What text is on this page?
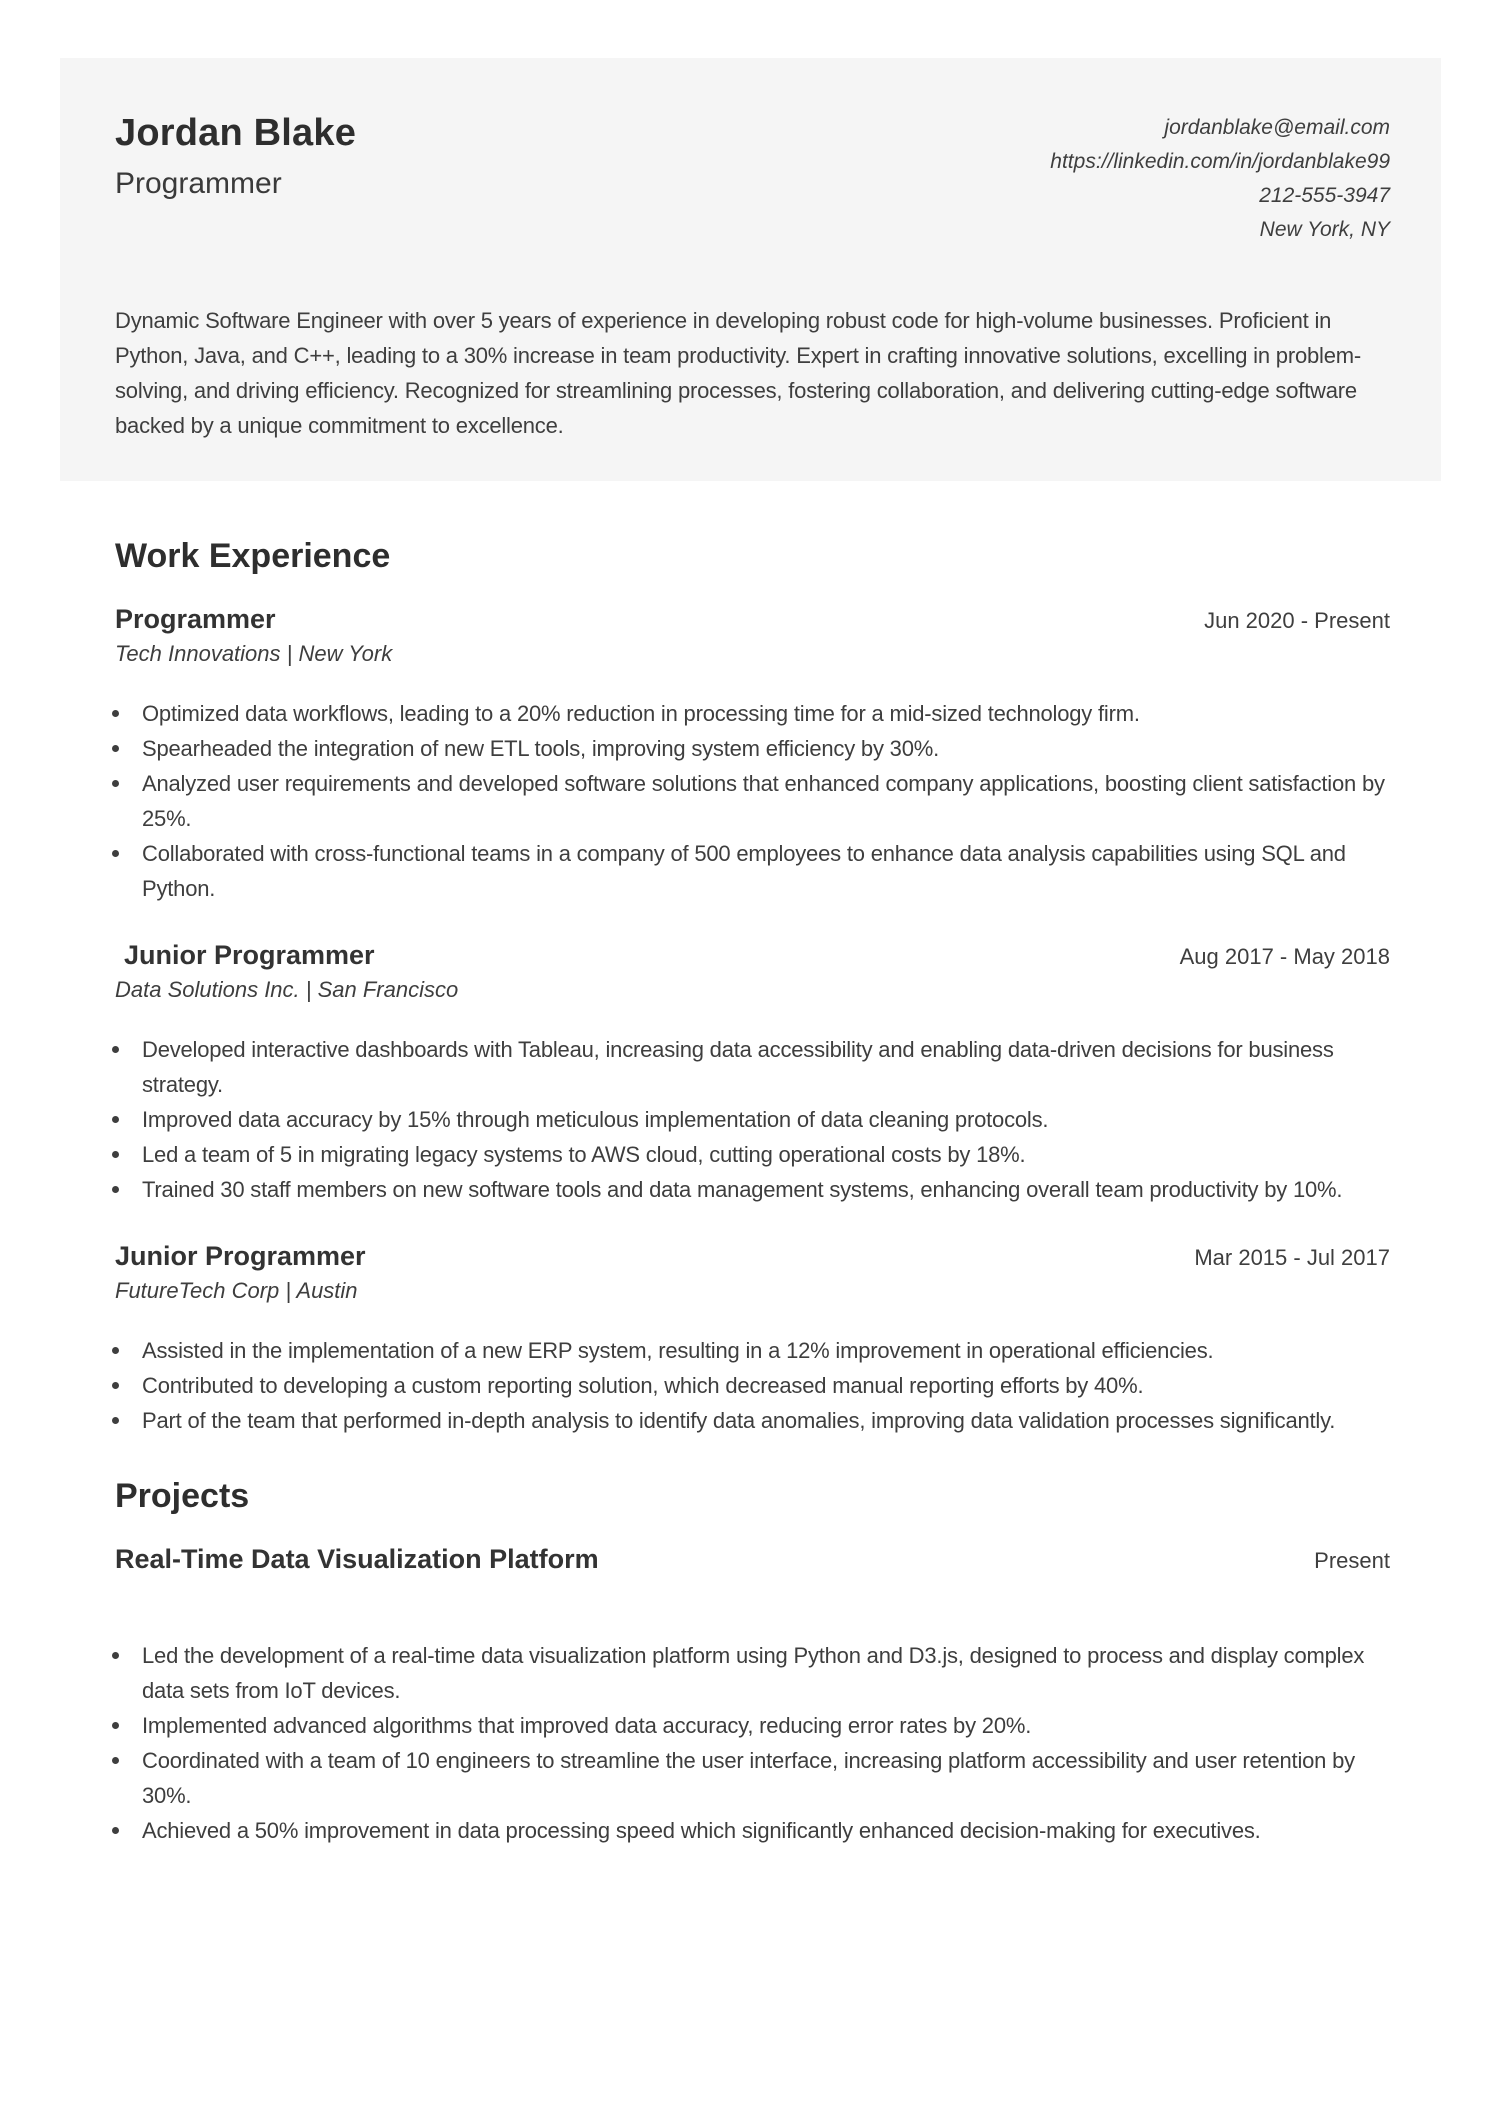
Jordan Blake
Programmer
jordanblake@email.com
https://linkedin.com/in/jordanblake99
212-555-3947
New York, NY

Dynamic Software Engineer with over 5 years of experience in developing robust code for high-volume businesses. Proficient in Python, Java, and C++, leading to a 30% increase in team productivity. Expert in crafting innovative solutions, excelling in problem-solving, and driving efficiency. Recognized for streamlining processes, fostering collaboration, and delivering cutting-edge software backed by a unique commitment to excellence.

Work Experience
Programmer	Jun 2020 - Present
Tech Innovations | New York
Optimized data workflows, leading to a 20% reduction in processing time for a mid-sized technology firm.
Spearheaded the integration of new ETL tools, improving system efficiency by 30%.
Analyzed user requirements and developed software solutions that enhanced company applications, boosting client satisfaction by 25%.
Collaborated with cross-functional teams in a company of 500 employees to enhance data analysis capabilities using SQL and Python.
Junior Programmer	Aug 2017 - May 2018
Data Solutions Inc. | San Francisco
Developed interactive dashboards with Tableau, increasing data accessibility and enabling data-driven decisions for business strategy.
Improved data accuracy by 15% through meticulous implementation of data cleaning protocols.
Led a team of 5 in migrating legacy systems to AWS cloud, cutting operational costs by 18%.
Trained 30 staff members on new software tools and data management systems, enhancing overall team productivity by 10%.
Junior Programmer	Mar 2015 - Jul 2017
FutureTech Corp | Austin
Assisted in the implementation of a new ERP system, resulting in a 12% improvement in operational efficiencies.
Contributed to developing a custom reporting solution, which decreased manual reporting efforts by 40%.
Part of the team that performed in-depth analysis to identify data anomalies, improving data validation processes significantly.
Projects
Real-Time Data Visualization Platform	Present
Led the development of a real-time data visualization platform using Python and D3.js, designed to process and display complex data sets from IoT devices.
Implemented advanced algorithms that improved data accuracy, reducing error rates by 20%.
Coordinated with a team of 10 engineers to streamline the user interface, increasing platform accessibility and user retention by 30%.
Achieved a 50% improvement in data processing speed which significantly enhanced decision-making for executives.
